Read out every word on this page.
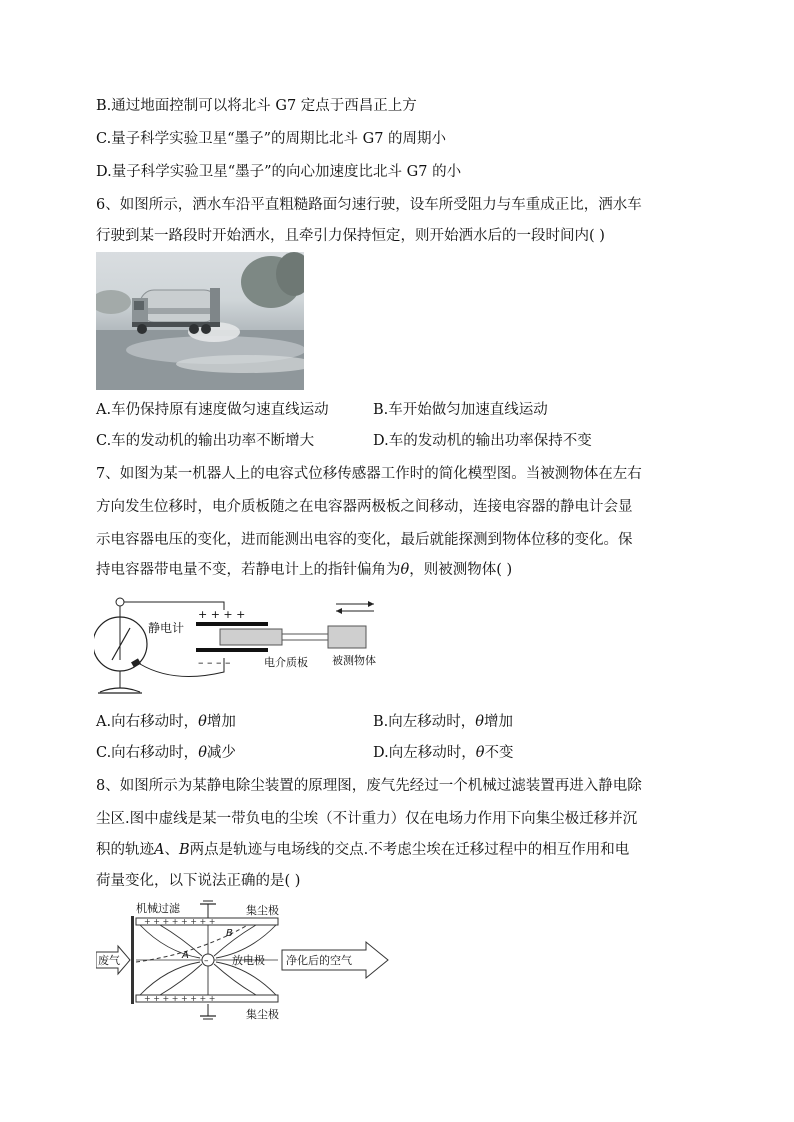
B.通过地面控制可以将北斗 G7 定点于西昌正上方
C.量子科学实验卫星“墨子”的周期比北斗 G7 的周期小
D.量子科学实验卫星“墨子”的向心加速度比北斗 G7 的小
6、如图所示，洒水车沿平直粗糙路面匀速行驶，设车所受阻力与车重成正比，洒水车
行驶到某一路段时开始洒水，且牵引力保持恒定，则开始洒水后的一段时间内( )
A.车仍保持原有速度做匀速直线运动	B.车开始做匀加速直线运动
C.车的发动机的输出功率不断增大	D.车的发动机的输出功率保持不变
7、如图为某一机器人上的电容式位移传感器工作时的简化模型图。当被测物体在左右
方向发生位移时，电介质板随之在电容器两极板之间移动，连接电容器的静电计会显
示电容器电压的变化，进而能测出电容的变化，最后就能探测到物体位移的变化。保
持电容器带电量不变，若静电计上的指针偏角为θ，则被测物体( )
静电计
+ + + +
– – – –	电介质板 被测物体
A.向右移动时，θ增加	B.向左移动时，θ增加
C.向右移动时，θ减少	D.向左移动时，θ不变
8、如图所示为某静电除尘装置的原理图，废气先经过一个机械过滤装置再进入静电除
尘区.图中虚线是某一带负电的尘埃（不计重力）仅在电场力作用下向集尘极迁移并沉
积的轨迹A、B两点是轨迹与电场线的交点.不考虑尘埃在迁移过程中的相互作用和电
荷量变化，以下说法正确的是( )
机械过滤	集尘极
集尘极
+ + + + + + + +
+ + + + + + + +
– 放电极
B
A
废气	净化后的空气
